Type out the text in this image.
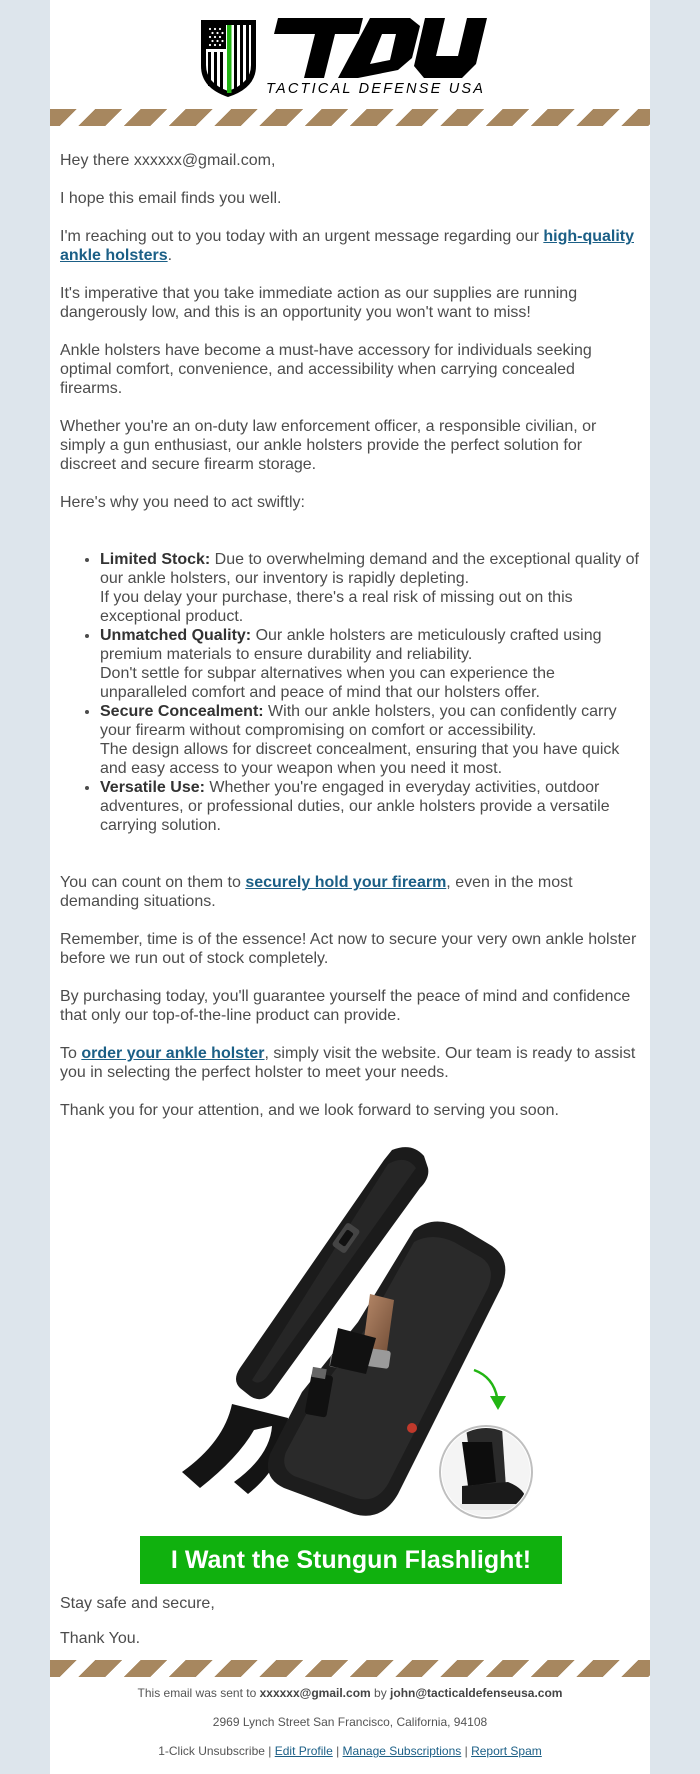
TACTICAL DEFENSE USA

Hey there xxxxxx@gmail.com,

I hope this email finds you well.

I'm reaching out to you today with an urgent message regarding our high-quality ankle holsters.

It's imperative that you take immediate action as our supplies are running dangerously low, and this is an opportunity you won't want to miss!

Ankle holsters have become a must-have accessory for individuals seeking optimal comfort, convenience, and accessibility when carrying concealed firearms.

Whether you're an on-duty law enforcement officer, a responsible civilian, or simply a gun enthusiast, our ankle holsters provide the perfect solution for discreet and secure firearm storage.

Here's why you need to act swiftly:

• Limited Stock: Due to overwhelming demand and the exceptional quality of our ankle holsters, our inventory is rapidly depleting.
If you delay your purchase, there's a real risk of missing out on this exceptional product.
• Unmatched Quality: Our ankle holsters are meticulously crafted using premium materials to ensure durability and reliability.
Don't settle for subpar alternatives when you can experience the unparalleled comfort and peace of mind that our holsters offer.
• Secure Concealment: With our ankle holsters, you can confidently carry your firearm without compromising on comfort or accessibility.
The design allows for discreet concealment, ensuring that you have quick and easy access to your weapon when you need it most.
• Versatile Use: Whether you're engaged in everyday activities, outdoor adventures, or professional duties, our ankle holsters provide a versatile carrying solution.

You can count on them to securely hold your firearm, even in the most demanding situations.

Remember, time is of the essence! Act now to secure your very own ankle holster before we run out of stock completely.

By purchasing today, you'll guarantee yourself the peace of mind and confidence that only our top-of-the-line product can provide.

To order your ankle holster, simply visit the website. Our team is ready to assist you in selecting the perfect holster to meet your needs.

Thank you for your attention, and we look forward to serving you soon.

I Want the Stungun Flashlight!

Stay safe and secure,

Thank You.

This email was sent to xxxxxx@gmail.com by john@tacticaldefenseusa.com
2969 Lynch Street San Francisco, California, 94108
1-Click Unsubscribe | Edit Profile | Manage Subscriptions | Report Spam
